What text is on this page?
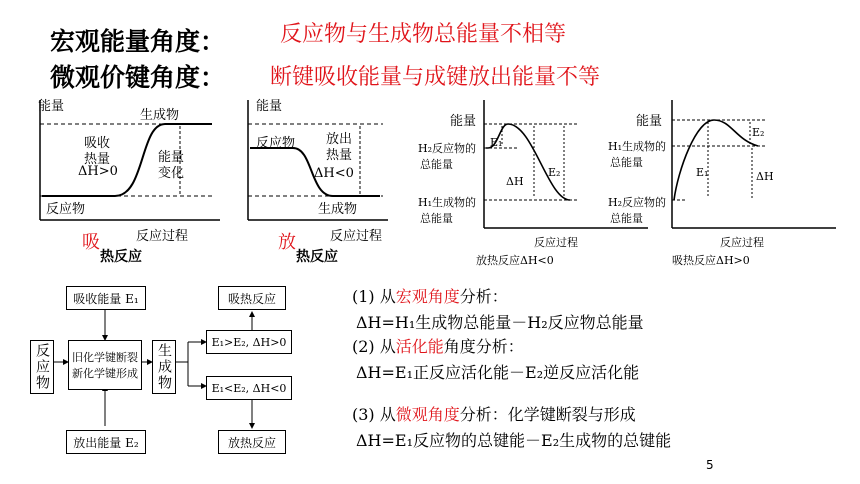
宏观能量角度： 反应物与生成物总能量不相等
微观价键角度： 断键吸收能量与成键放出能量不等
能量
生成物
吸收
热量
ΔH>0
能量
变化
反应物
反应过程
吸
热反应
能量
反应物 放出
热量
ΔH<0
生成物
反应过程
放
热反应
能量
H₂反应物的
总能量
H₁生成物的
总能量
E₁
E₂
ΔH
反应过程
放热反应ΔH<0
能量
H₁生成物的
总能量
H₂反应物的
总能量
E₁
E₂
ΔH
反应过程
吸热反应ΔH>0
吸收能量 E₁
放出能量 E₂
反应物	旧化学键断裂
新化学键形成 生成物
E₁>E₂, ΔH>0
E₁<E₂, ΔH<0
吸热反应
放热反应
(1) 从宏观角度分析：
ΔH=H₁生成物总能量－H₂反应物总能量
(2) 从活化能角度分析：
ΔH=E₁正反应活化能－E₂逆反应活化能
(3) 从微观角度分析：化学键断裂与形成
ΔH=E₁反应物的总键能－E₂生成物的总键能
5
